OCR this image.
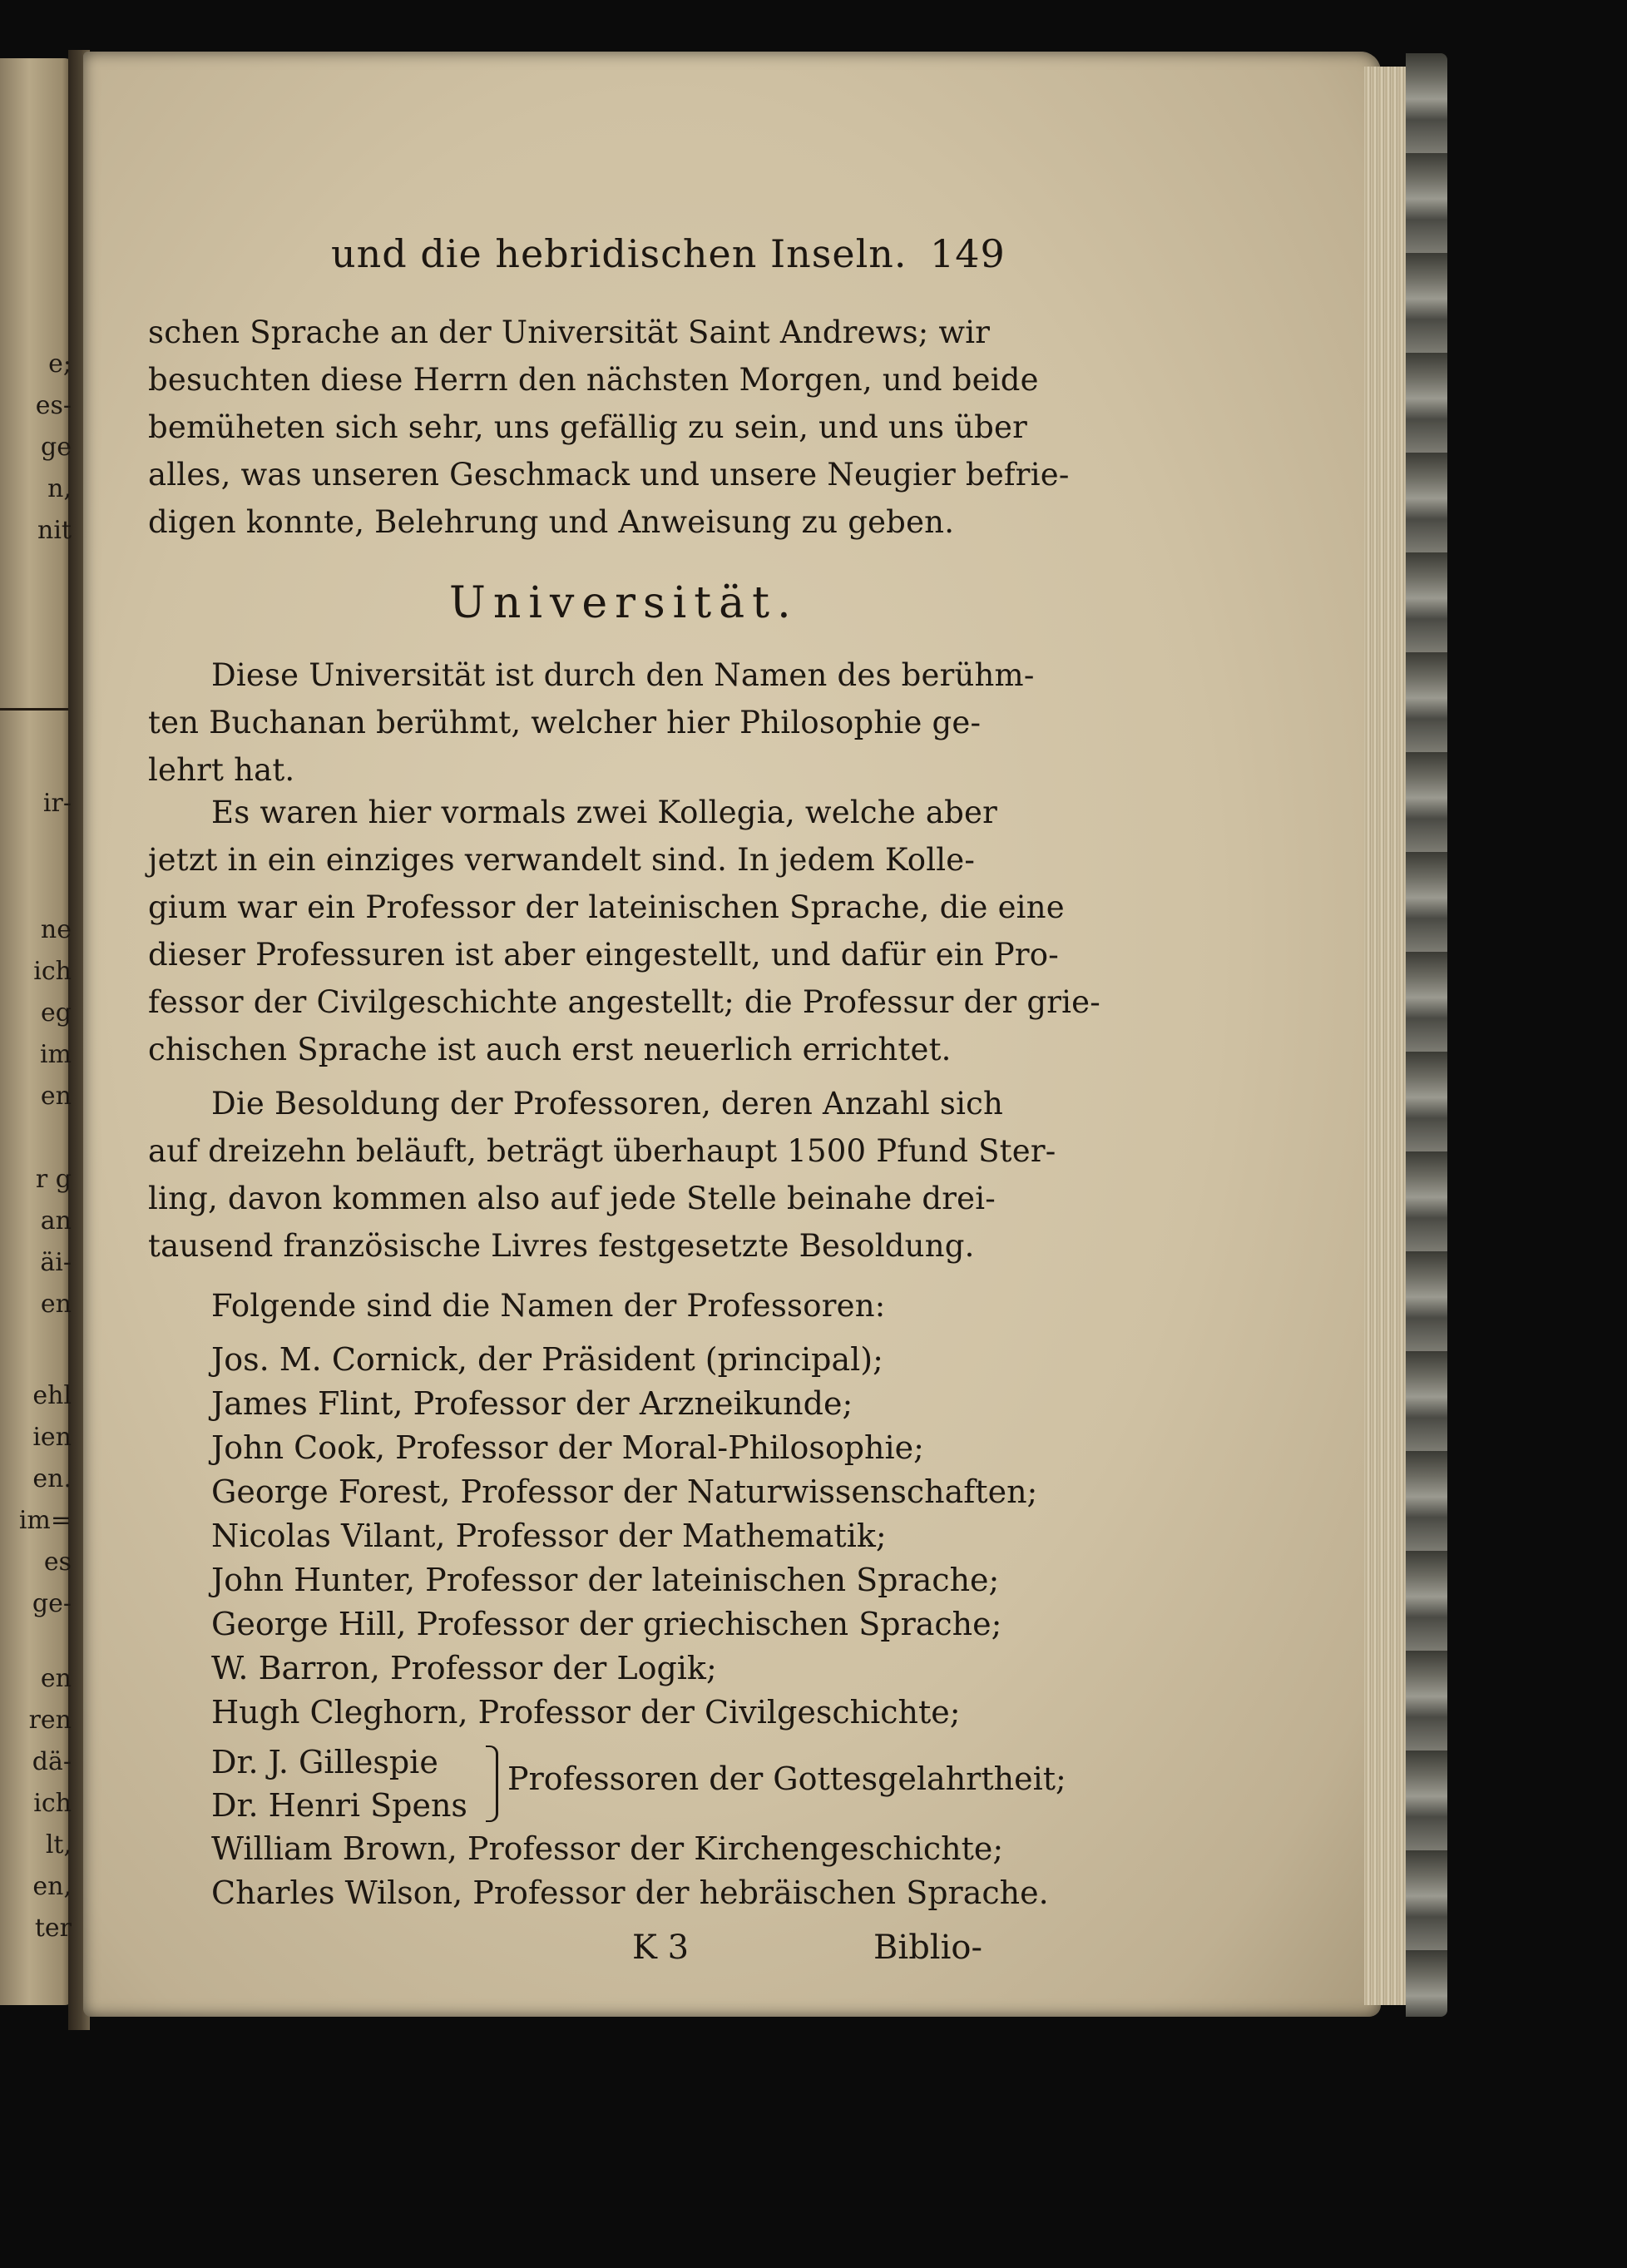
e;
es-
ge
n,
nit
ir-
ne
ich
eg
im
en
r g
an
äi-
en
ehl
ien
en.
im=
es
ge-
en
ren
dä-
ich
lt,
en,
ter
und die hebridischen Inseln. 149
schen Sprache an der Universität Saint Andrews; wir
besuchten diese Herrn den nächsten Morgen, und beide
bemüheten sich sehr, uns gefällig zu sein, und uns über
alles, was unseren Geschmack und unsere Neugier befrie-
digen konnte, Belehrung und Anweisung zu geben.
Universität.
Diese Universität ist durch den Namen des berühm-
ten Buchanan berühmt, welcher hier Philosophie ge-
lehrt hat.
Es waren hier vormals zwei Kollegia, welche aber
jetzt in ein einziges verwandelt sind. In jedem Kolle-
gium war ein Professor der lateinischen Sprache, die eine
dieser Professuren ist aber eingestellt, und dafür ein Pro-
fessor der Civilgeschichte angestellt; die Professur der grie-
chischen Sprache ist auch erst neuerlich errichtet.
Die Besoldung der Professoren, deren Anzahl sich
auf dreizehn beläuft, beträgt überhaupt 1500 Pfund Ster-
ling, davon kommen also auf jede Stelle beinahe drei-
tausend französische Livres festgesetzte Besoldung.
Folgende sind die Namen der Professoren:
Jos. M. Cornick, der Präsident (principal);
James Flint, Professor der Arzneikunde;
John Cook, Professor der Moral-Philosophie;
George Forest, Professor der Naturwissenschaften;
Nicolas Vilant, Professor der Mathematik;
John Hunter, Professor der lateinischen Sprache;
George Hill, Professor der griechischen Sprache;
W. Barron, Professor der Logik;
Hugh Cleghorn, Professor der Civilgeschichte;
Dr. J. Gillespie
Dr. Henri Spens
Professoren der Gottesgelahrtheit;
William Brown, Professor der Kirchengeschichte;
Charles Wilson, Professor der hebräischen Sprache.
K 3	Biblio-
